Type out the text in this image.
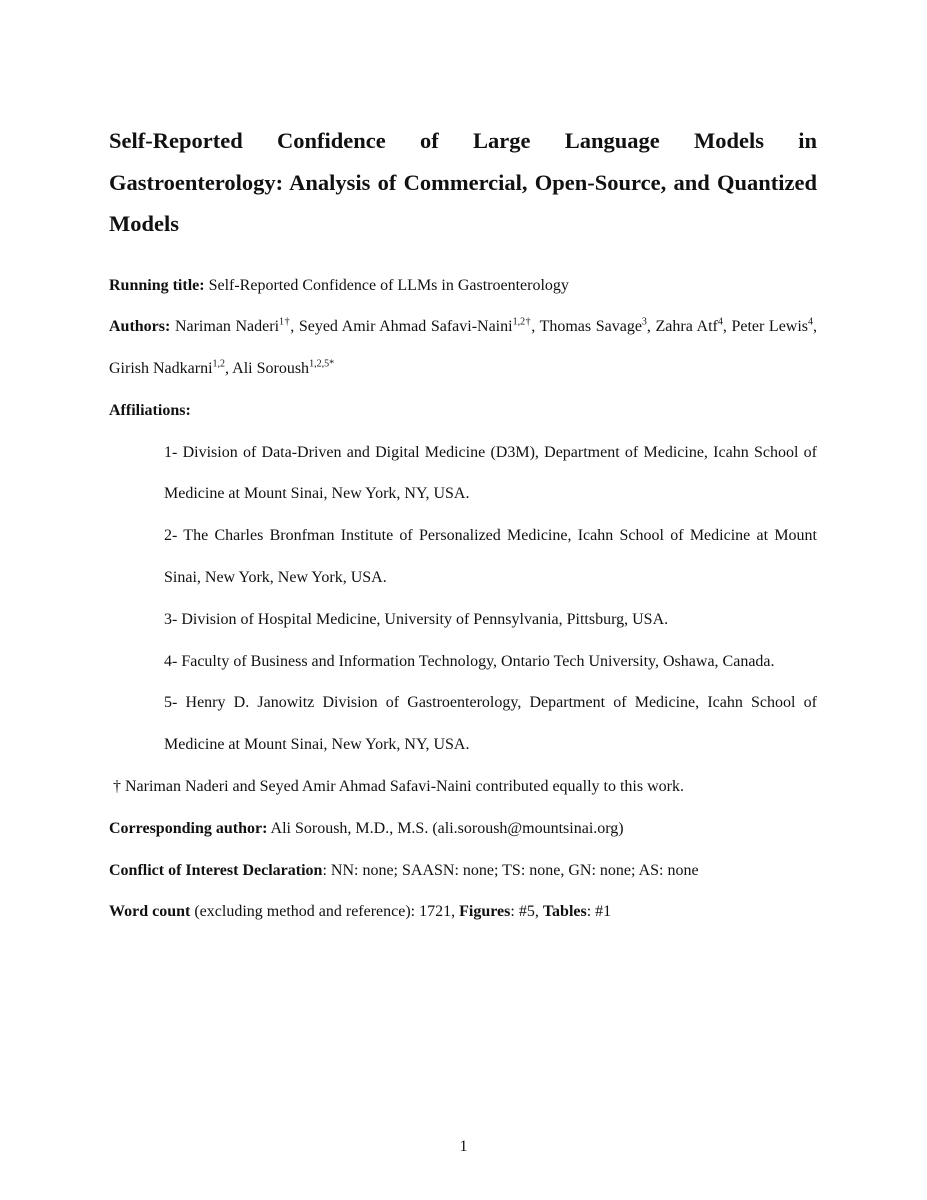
Self-Reported Confidence of Large Language Models in Gastroenterology: Analysis of Commercial, Open-Source, and Quantized Models

Running title: Self-Reported Confidence of LLMs in Gastroenterology

Authors: Nariman Naderi$^{1\dagger}$, Seyed Amir Ahmad Safavi-Naini$^{1,2\dagger}$, Thomas Savage$^3$, Zahra Atf$^4$, Peter Lewis$^4$, Girish Nadkarni$^{1,2}$, Ali Soroush$^{1,2,5*}$

Affiliations:

1- Division of Data-Driven and Digital Medicine (D3M), Department of Medicine, Icahn School of Medicine at Mount Sinai, New York, NY, USA.

2- The Charles Bronfman Institute of Personalized Medicine, Icahn School of Medicine at Mount Sinai, New York, New York, USA.

3- Division of Hospital Medicine, University of Pennsylvania, Pittsburg, USA.

4- Faculty of Business and Information Technology, Ontario Tech University, Oshawa, Canada.

5- Henry D. Janowitz Division of Gastroenterology, Department of Medicine, Icahn School of Medicine at Mount Sinai, New York, NY, USA.

† Nariman Naderi and Seyed Amir Ahmad Safavi-Naini contributed equally to this work.

Corresponding author: Ali Soroush, M.D., M.S. (ali.soroush@mountsinai.org)

Conflict of Interest Declaration: NN: none; SAASN: none; TS: none, GN: none; AS: none

Word count (excluding method and reference): 1721, Figures: #5, Tables: #1

1
